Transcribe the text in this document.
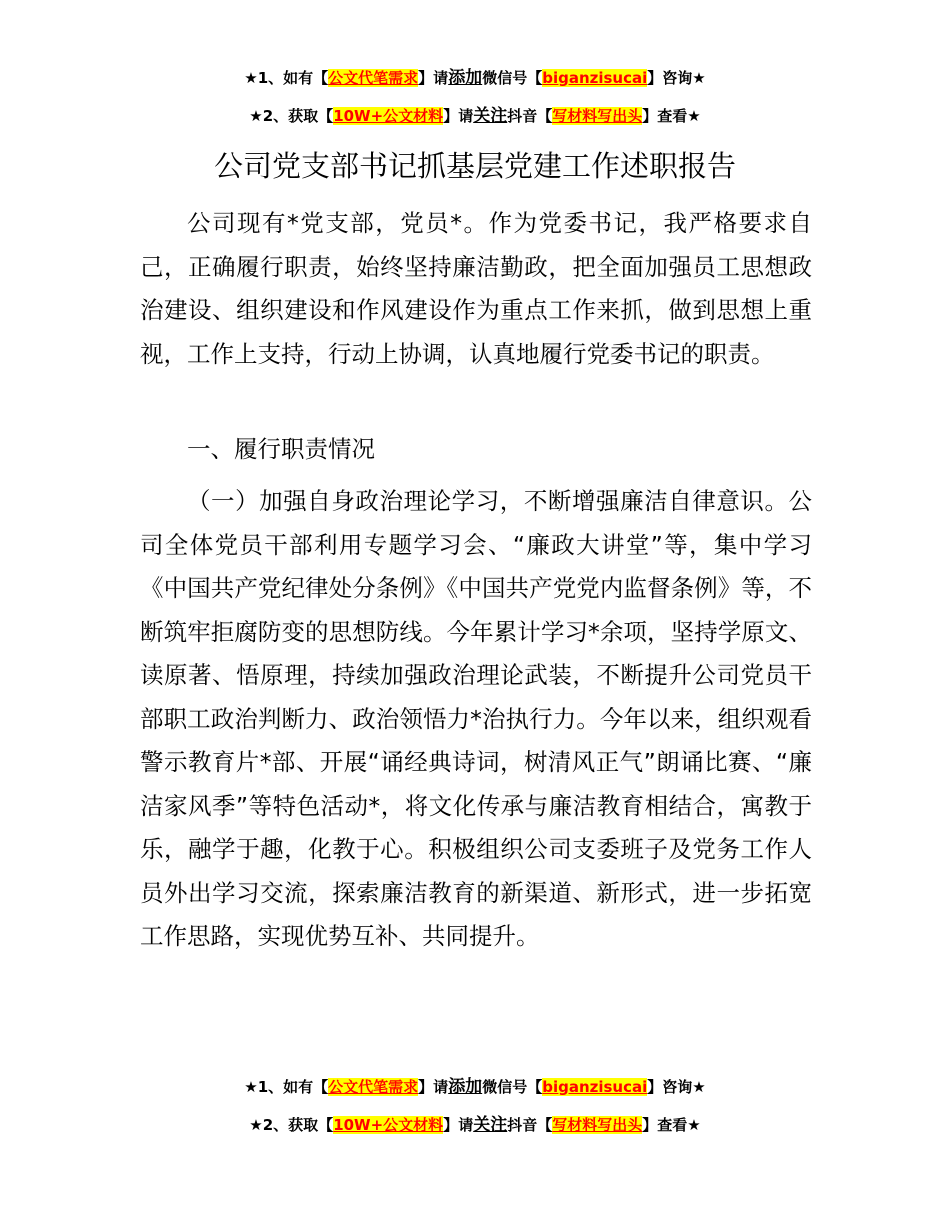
★1、如有【公文代笔需求】请添加微信号【biganzisucai】咨询★
★2、获取【10W+公文材料】请关注抖音【写材料写出头】查看★
公司党支部书记抓基层党建工作述职报告

公司现有*党支部，党员*。作为党委书记，我严格要求自己，正确履行职责，始终坚持廉洁勤政，把全面加强员工思想政治建设、组织建设和作风建设作为重点工作来抓，做到思想上重视，工作上支持，行动上协调，认真地履行党委书记的职责。

一、履行职责情况

（一）加强自身政治理论学习，不断增强廉洁自律意识。公司全体党员干部利用专题学习会、“廉政大讲堂”等，集中学习《中国共产党纪律处分条例》《中国共产党党内监督条例》等，不断筑牢拒腐防变的思想防线。今年累计学习*余项，坚持学原文、读原著、悟原理，持续加强政治理论武装，不断提升公司党员干部职工政治判断力、政治领悟力*治执行力。今年以来，组织观看警示教育片*部、开展“诵经典诗词，树清风正气”朗诵比赛、“廉洁家风季”等特色活动*，将文化传承与廉洁教育相结合，寓教于乐，融学于趣，化教于心。积极组织公司支委班子及党务工作人员外出学习交流，探索廉洁教育的新渠道、新形式，进一步拓宽工作思路，实现优势互补、共同提升。

★1、如有【公文代笔需求】请添加微信号【biganzisucai】咨询★
★2、获取【10W+公文材料】请关注抖音【写材料写出头】查看★
